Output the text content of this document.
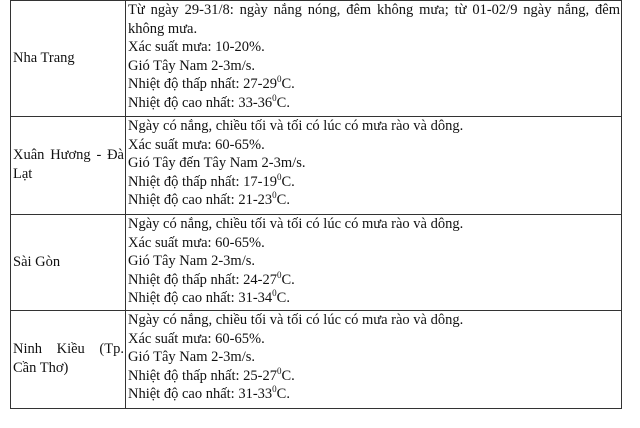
Nha Trang	Từ ngày 29-31/8: ngày nắng nóng, đêm không mưa; từ 01-02/9 ngày nắng, đêm không mưa.
Xác suất mưa: 10-20%.
Gió Tây Nam 2-3m/s.
Nhiệt độ thấp nhất: $27-29^0C$.
Nhiệt độ cao nhất: $33-36^0C$.

Xuân Hương - Đà
Lạt	Ngày có nắng, chiều tối và tối có lúc có mưa rào và dông.
Xác suất mưa: 60-65%.
Gió Tây đến Tây Nam 2-3m/s.
Nhiệt độ thấp nhất: $17-19^0C$.
Nhiệt độ cao nhất: $21-23^0C$.

Sài Gòn	Ngày có nắng, chiều tối và tối có lúc có mưa rào và dông.
Xác suất mưa: 60-65%.
Gió Tây Nam 2-3m/s.
Nhiệt độ thấp nhất: $24-27^0C$.
Nhiệt độ cao nhất: $31-34^0C$.

Ninh Kiều (Tp.
Cần Thơ)	Ngày có nắng, chiều tối và tối có lúc có mưa rào và dông.
Xác suất mưa: 60-65%.
Gió Tây Nam 2-3m/s.
Nhiệt độ thấp nhất: $25-27^0C$.
Nhiệt độ cao nhất: $31-33^0C$.
